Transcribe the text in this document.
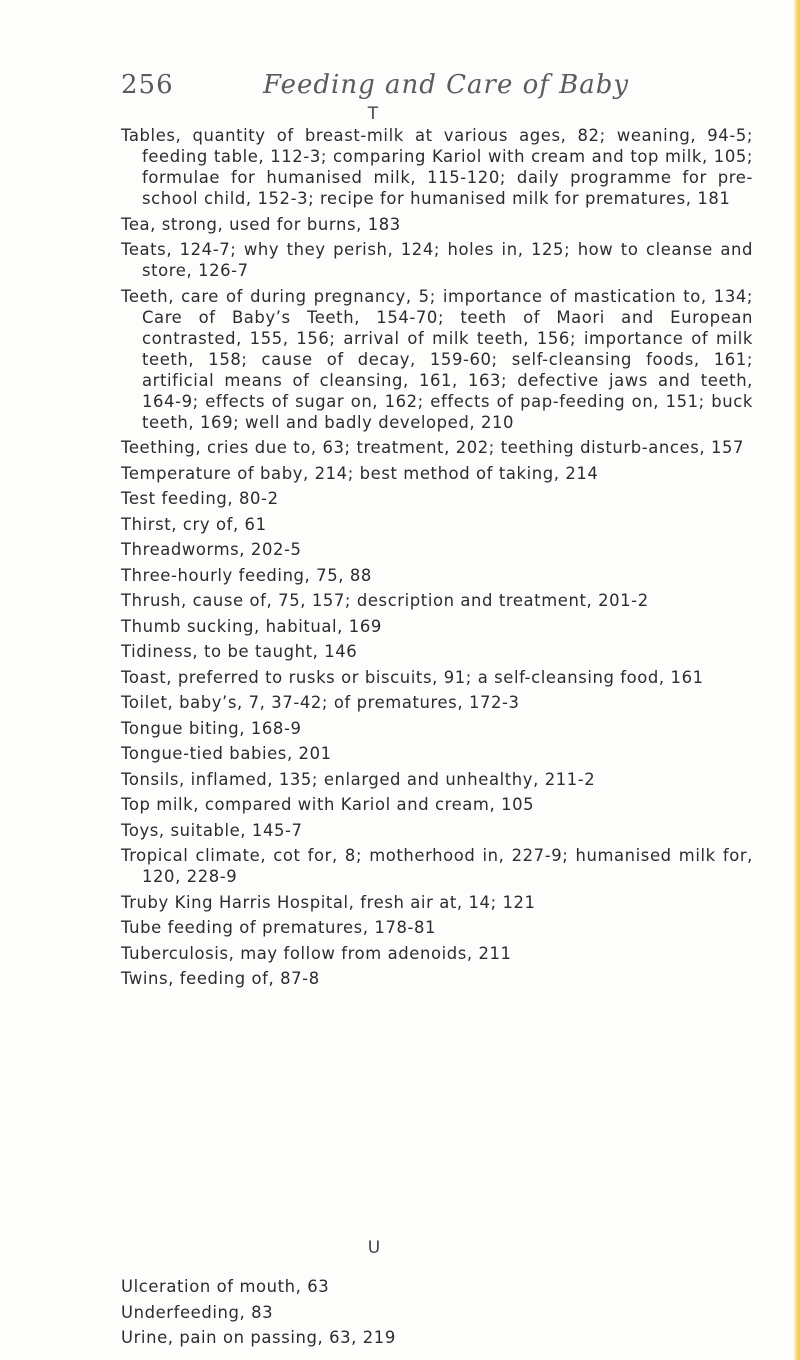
256	Feeding and Care of Baby
T
Tables, quantity of breast-milk at various ages, 82; weaning, 94-5; feeding table, 112-3; comparing Kariol with cream and top milk, 105; formulae for humanised milk, 115-120; daily programme for pre-school child, 152-3; recipe for humanised milk for prematures, 181
Tea, strong, used for burns, 183
Teats, 124-7; why they perish, 124; holes in, 125; how to cleanse and store, 126-7
Teeth, care of during pregnancy, 5; importance of mastication to, 134; Care of Baby’s Teeth, 154-70; teeth of Maori and European contrasted, 155, 156; arrival of milk teeth, 156; importance of milk teeth, 158; cause of decay, 159-60; self-cleansing foods, 161; artificial means of cleansing, 161, 163; defective jaws and teeth, 164-9; effects of sugar on, 162; effects of pap-feeding on, 151; buck teeth, 169; well and badly developed, 210
Teething, cries due to, 63; treatment, 202; teething disturb-ances, 157
Temperature of baby, 214; best method of taking, 214
Test feeding, 80-2
Thirst, cry of, 61
Threadworms, 202-5
Three-hourly feeding, 75, 88
Thrush, cause of, 75, 157; description and treatment, 201-2
Thumb sucking, habitual, 169
Tidiness, to be taught, 146
Toast, preferred to rusks or biscuits, 91; a self-cleansing food, 161
Toilet, baby’s, 7, 37-42; of prematures, 172-3
Tongue biting, 168-9
Tongue-tied babies, 201
Tonsils, inflamed, 135; enlarged and unhealthy, 211-2
Top milk, compared with Kariol and cream, 105
Toys, suitable, 145-7
Tropical climate, cot for, 8; motherhood in, 227-9; humanised milk for, 120, 228-9
Truby King Harris Hospital, fresh air at, 14; 121
Tube feeding of prematures, 178-81
Tuberculosis, may follow from adenoids, 211
Twins, feeding of, 87-8
U
Ulceration of mouth, 63
Underfeeding, 83
Urine, pain on passing, 63, 219
